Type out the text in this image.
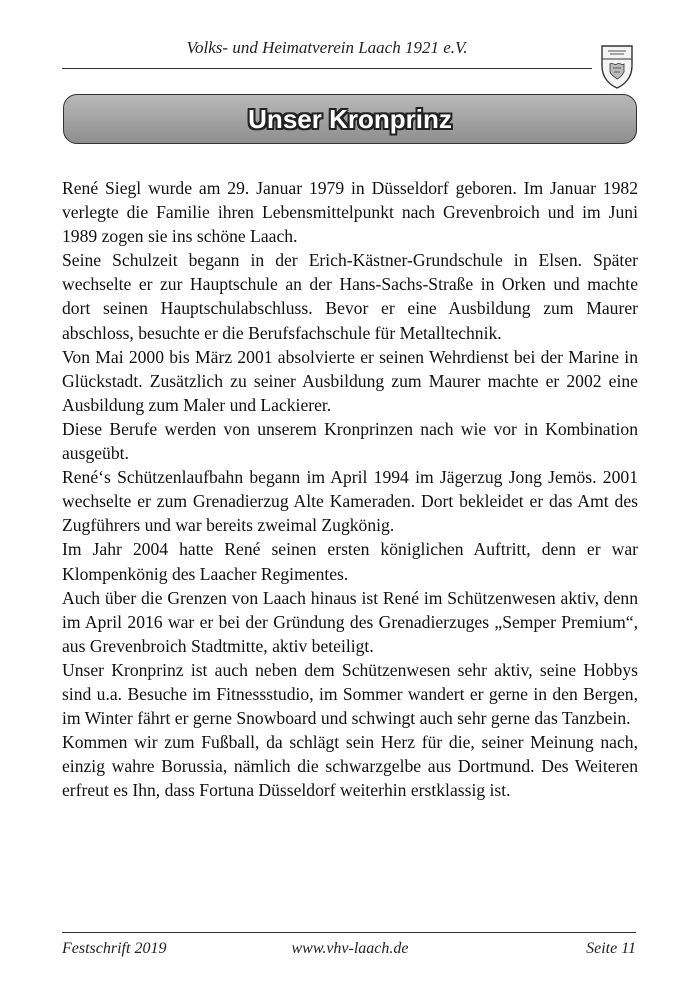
Volks- und Heimatverein Laach 1921 e.V.
Unser Kronprinz

René Siegl wurde am 29. Januar 1979 in Düsseldorf geboren. Im Januar 1982 verlegte die Familie ihren Lebensmittelpunkt nach Grevenbroich und im Juni 1989 zogen sie ins schöne Laach.

Seine Schulzeit begann in der Erich-Kästner-Grundschule in Elsen. Später wechselte er zur Hauptschule an der Hans-Sachs-Straße in Orken und machte dort seinen Hauptschulabschluss. Bevor er eine Ausbildung zum Maurer abschloss, besuchte er die Berufsfachschule für Metalltechnik.

Von Mai 2000 bis März 2001 absolvierte er seinen Wehrdienst bei der Marine in Glückstadt. Zusätzlich zu seiner Ausbildung zum Maurer machte er 2002 eine Ausbildung zum Maler und Lackierer.

Diese Berufe werden von unserem Kronprinzen nach wie vor in Kombination ausgeübt.

René‘s Schützenlaufbahn begann im April 1994 im Jägerzug Jong Jemös. 2001 wechselte er zum Grenadierzug Alte Kameraden. Dort bekleidet er das Amt des Zugführers und war bereits zweimal Zugkönig.

Im Jahr 2004 hatte René seinen ersten königlichen Auftritt, denn er war Klompenkönig des Laacher Regimentes.

Auch über die Grenzen von Laach hinaus ist René im Schützenwesen aktiv, denn im April 2016 war er bei der Gründung des Grenadierzuges „Semper Premium“, aus Grevenbroich Stadtmitte, aktiv beteiligt.

Unser Kronprinz ist auch neben dem Schützenwesen sehr aktiv, seine Hobbys sind u.a. Besuche im Fitnessstudio, im Sommer wandert er gerne in den Bergen, im Winter fährt er gerne Snowboard und schwingt auch sehr gerne das Tanzbein.

Kommen wir zum Fußball, da schlägt sein Herz für die, seiner Meinung nach, einzig wahre Borussia, nämlich die schwarzgelbe aus Dortmund. Des Weiteren erfreut es Ihn, dass Fortuna Düsseldorf weiterhin erstklassig ist.

Festschrift 2019	www.vhv-laach.de	Seite 11
